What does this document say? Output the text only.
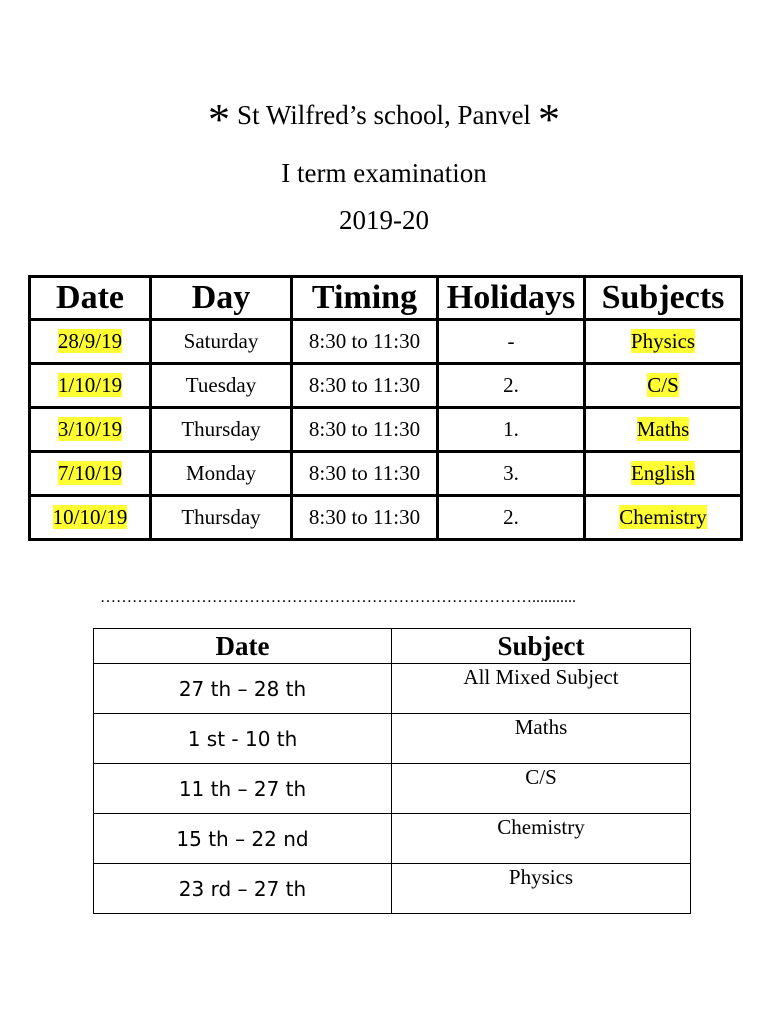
* St Wilfred’s school, Panvel *
I term examination
2019-20
Date	Day	Timing	Holidays	Subjects
28/9/19	Saturday	8:30 to 11:30	-	Physics
1/10/19	Tuesday	8:30 to 11:30	2.	C/S
3/10/19	Thursday	8:30 to 11:30	1.	Maths
7/10/19	Monday	8:30 to 11:30	3.	English
10/10/19	Thursday	8:30 to 11:30	2.	Chemistry
………………………………………………………………………...........
Date	Subject
27 th – 28 th	All Mixed Subject
1 st - 10 th	Maths
11 th – 27 th	C/S
15 th – 22 nd	Chemistry
23 rd – 27 th	Physics
